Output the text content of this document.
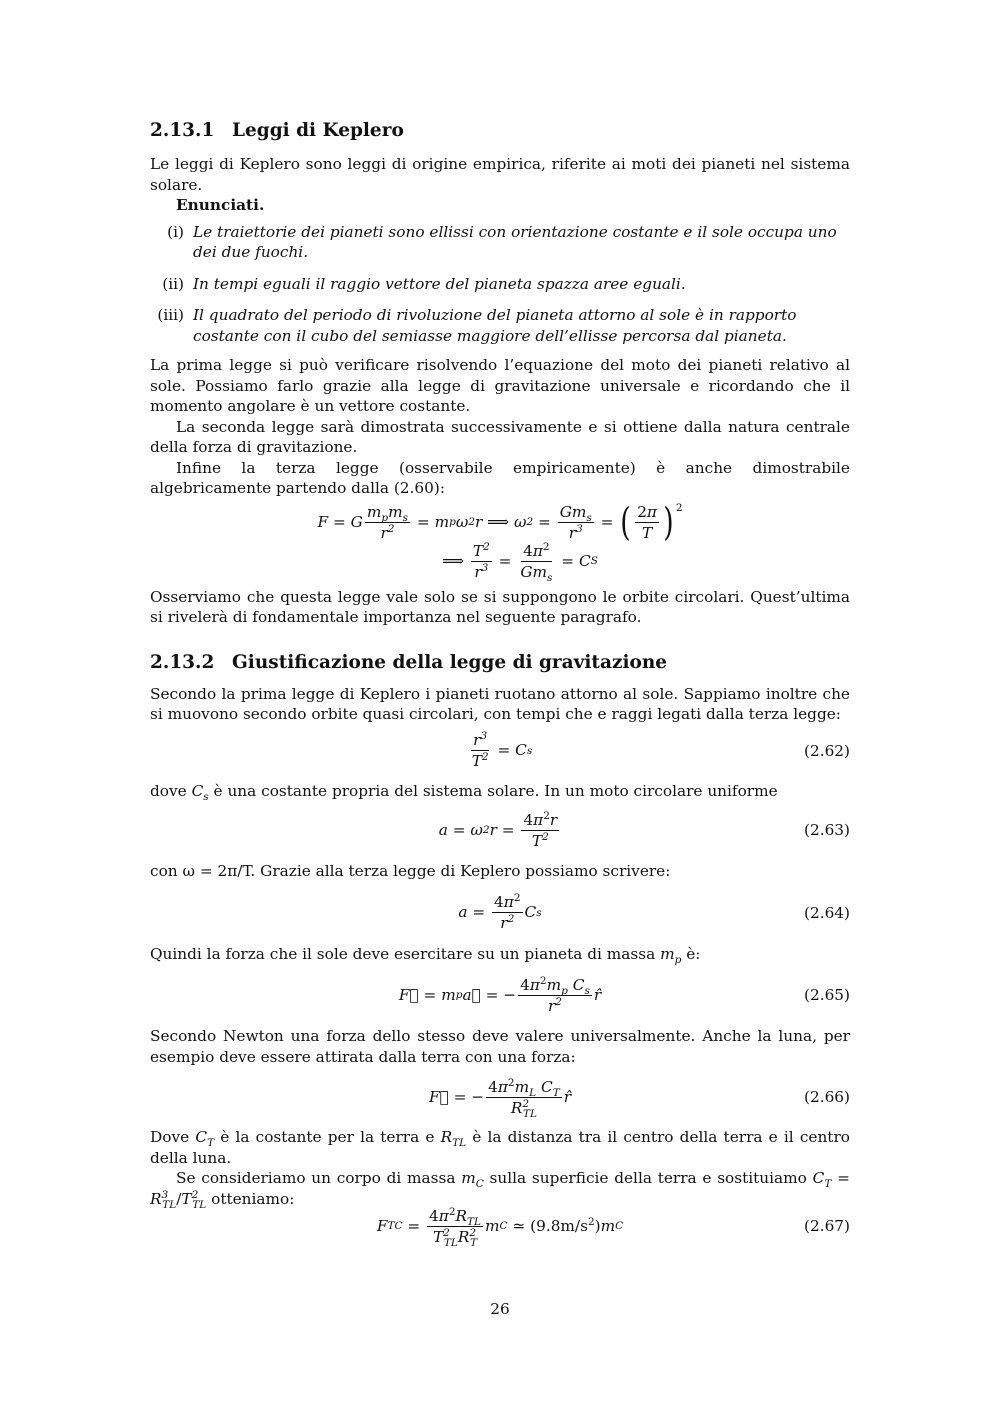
2.13.1 Leggi di Keplero

Le leggi di Keplero sono leggi di origine empirica, riferite ai moti dei pianeti nel sistema solare.
Enunciati.

(i) Le traiettorie dei pianeti sono ellissi con orientazione costante e il sole occupa uno dei due fuochi.
(ii) In tempi eguali il raggio vettore del pianeta spazza aree eguali.
(iii) Il quadrato del periodo di rivoluzione del pianeta attorno al sole è in rapporto costante con il cubo del semiasse maggiore dell’ellisse percorsa dal pianeta.

La prima legge si può verificare risolvendo l’equazione del moto dei pianeti relativo al sole. Possiamo farlo grazie alla legge di gravitazione universale e ricordando che il momento angolare è un vettore costante.

La seconda legge sarà dimostrata successivamente e si ottiene dalla natura centrale della forza di gravitazione.

Infine la terza legge (osservabile empiricamente) è anche dimostrabile algebricamente partendo dalla (2.60):

F = G $\frac{m_pm_s}{r^2} = m$ p ω 2 r ⟹ ω $2 = \frac{Gm_s}{r^3}$ = ( $\frac{2\pi}{T} )^2$
⟹ $\frac{T^2}{r^3} = \frac{4\pi^2}{Gm_s} = C$ S

Osserviamo che questa legge vale solo se si suppongono le orbite circolari. Quest’ultima si rivelerà di fondamentale importanza nel seguente paragrafo.

2.13.2 Giustificazione della legge di gravitazione

Secondo la prima legge di Keplero i pianeti ruotano attorno al sole. Sappiamo inoltre che si muovono secondo orbite quasi circolari, con tempi che e raggi legati dalla terza legge:

$\frac{r^3}{T^2} = C$ s	(2.62)

dove $C_s$ è una costante propria del sistema solare. In un moto circolare uniforme

a = ω 2 $r = \frac{4\pi^2r}{T^2}$	(2.63)

con ω = 2π/T. Grazie alla terza legge di Keplero possiamo scrivere:

$a = \frac{4\pi^2}{r^2}$ C s	(2.64)

Quindi la forza che il sole deve esercitare su un pianeta di massa $m_p$ è:

F⃗ = m p a⃗ = − $\frac{4\pi^2m_p C_s}{r^2}$ r̂	(2.65)

Secondo Newton una forza dello stesso deve valere universalmente. Anche la luna, per esempio deve essere attirata dalla terra con una forza:

F⃗ = − $\frac{4\pi^2m_L C_T}{R^2_{TL}}$ r̂	(2.66)

Dove $C_T$ è la costante per la terra e $R_{TL}$ è la distanza tra il centro della terra e il centro della luna.

Se consideriamo un corpo di massa $m_C$ sulla superficie della terra e sostituiamo $C_T = R^3_{TL}/T^2_{TL}$ otteniamo:

F TC = $\frac{4\pi^2R_{TL}}{T^2_{TL}R^2_T}$ m C ≃ $(9.8m/s^2)$ m C	(2.67)
26
